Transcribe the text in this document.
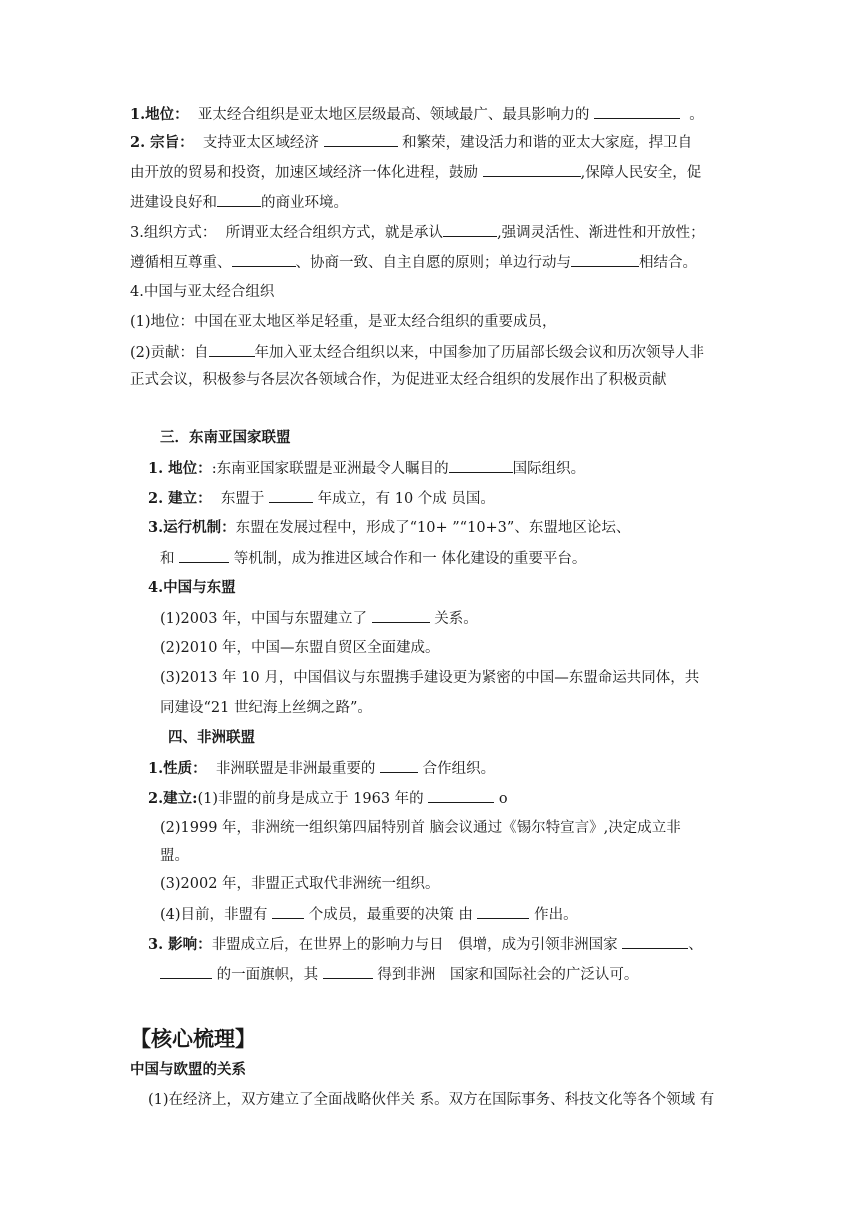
1.地位： 亚太经合组织是亚太地区层级最高、领域最广、最具影响力的	。
2. 宗旨： 支持亚太区域经济	和繁荣，建设活力和谐的亚太大家庭，捍卫自
由开放的贸易和投资，加速区域经济一体化进程，鼓励	,保障人民安全，促
进建设良好和	的商业环境。
3.组织方式： 所谓亚太经合组织方式，就是承认	,强调灵活性、渐进性和开放性；
遵循相互尊重、	、协商一致、自主自愿的原则；单边行动与	相结合。
4.中国与亚太经合组织
(1)地位：中国在亚太地区举足轻重，是亚太经合组织的重要成员，
(2)贡献：自	年加入亚太经合组织以来，中国参加了历届部长级会议和历次领导人非
正式会议，积极参与各层次各领域合作，为促进亚太经合组织的发展作出了积极贡献
三．东南亚国家联盟
1. 地位：:东南亚国家联盟是亚洲最令人瞩目的	国际组织。
2. 建立： 东盟于	年成立，有 10 个成 员国。
3.运行机制：东盟在发展过程中，形成了“10+ ”“10+3”、东盟地区论坛、
和	等机制，成为推进区域合作和一 体化建设的重要平台。
4.中国与东盟
(1)2003 年，中国与东盟建立了	关系。
(2)2010 年，中国—东盟自贸区全面建成。
(3)2013 年 10 月，中国倡议与东盟携手建设更为紧密的中国—东盟命运共同体，共
同建设“21 世纪海上丝绸之路”。
四、非洲联盟
1.性质： 非洲联盟是非洲最重要的	合作组织。
2.建立:(1)非盟的前身是成立于 1963 年的	o
(2)1999 年，非洲统一组织第四届特别首 脑会议通过《锡尔特宣言》,决定成立非
盟。
(3)2002 年，非盟正式取代非洲统一组织。
(4)目前，非盟有	个成员，最重要的决策 由	作出。
3. 影响：非盟成立后，在世界上的影响力与日　倶增，成为引领非洲国家	、
的一面旗帜，其	得到非洲　国家和国际社会的广泛认可。
【核心梳理】
中国与欧盟的关系
(1)在经济上，双方建立了全面战略伙伴关 系。双方在国际事务、科技文化等各个领域 有
